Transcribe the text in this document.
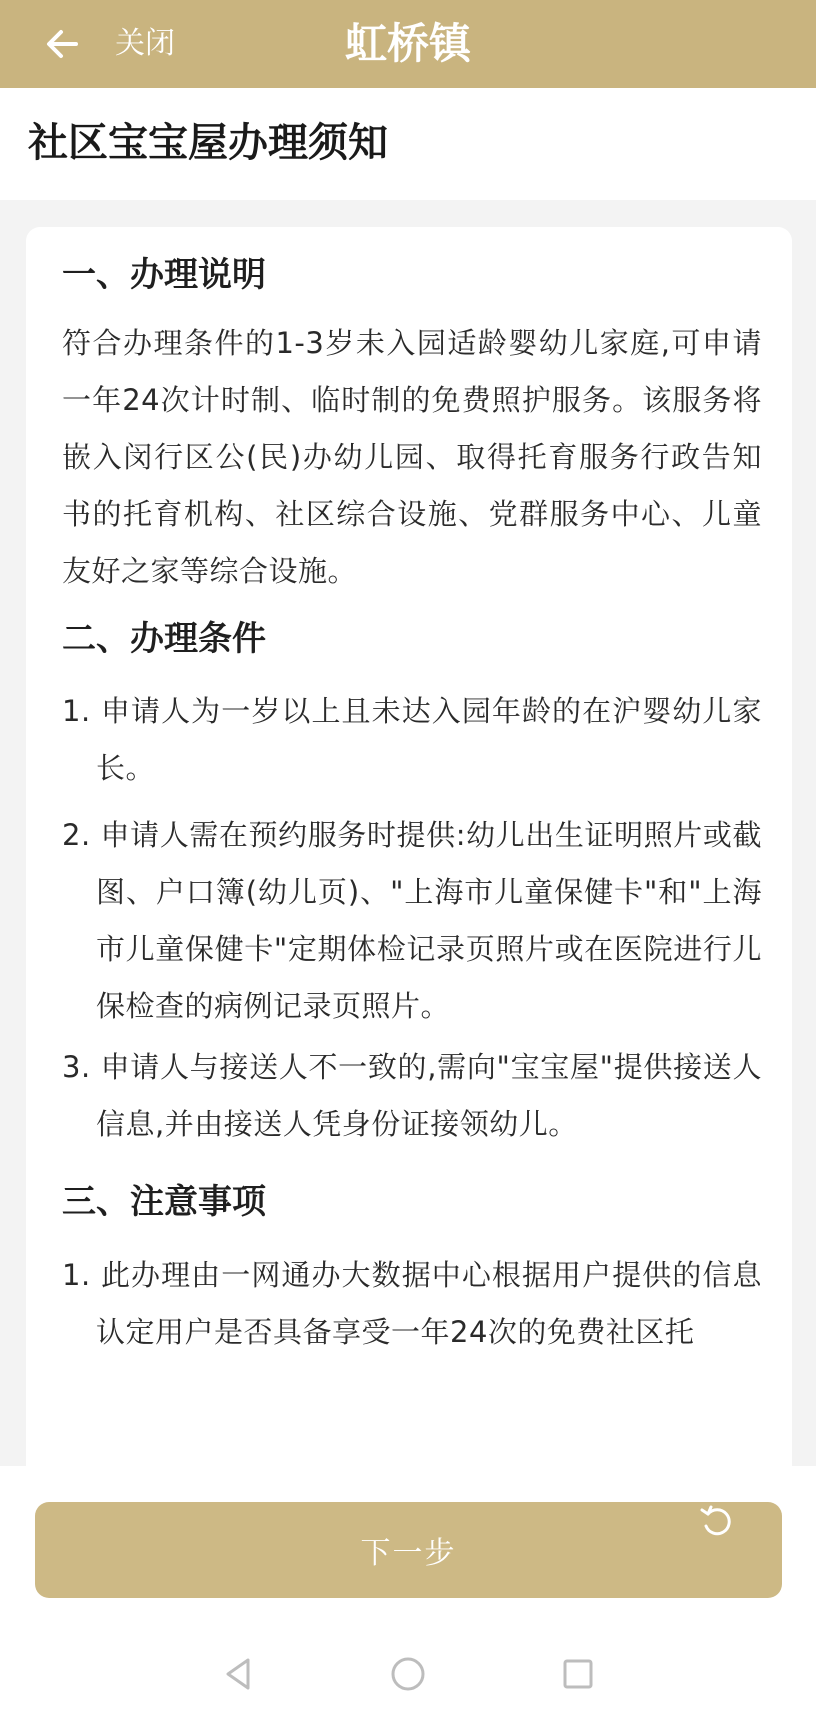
关闭	虹桥镇
社区宝宝屋办理须知
一、办理说明
符合办理条件的1-3岁未入园适龄婴幼儿家庭,可申请一年24次计时制、临时制的免费照护服务。该服务将嵌入闵行区公(民)办幼儿园、取得托育服务行政告知书的托育机构、社区综合设施、党群服务中心、儿童友好之家等综合设施。
二、办理条件
1. 申请人为一岁以上且未达入园年龄的在沪婴幼儿家长。
2. 申请人需在预约服务时提供:幼儿出生证明照片或截图、户口簿(幼儿页)、"上海市儿童保健卡"和"上海市儿童保健卡"定期体检记录页照片或在医院进行儿保检查的病例记录页照片。
3. 申请人与接送人不一致的,需向"宝宝屋"提供接送人信息,并由接送人凭身份证接领幼儿。
三、注意事项
1. 此办理由一网通办大数据中心根据用户提供的信息认定用户是否具备享受一年24次的免费社区托
下一步
